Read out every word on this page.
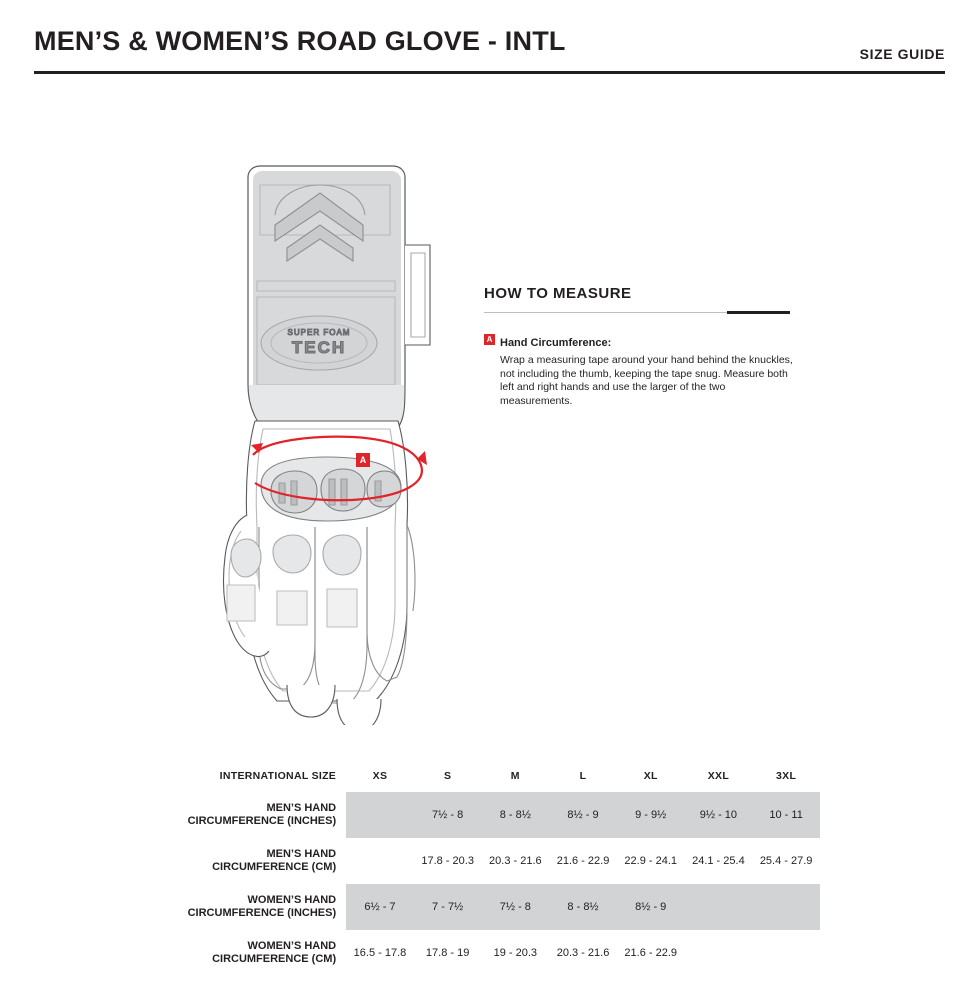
MEN’S & WOMEN’S ROAD GLOVE - INTL	SIZE GUIDE
SUPER FOAM
TECH
A
HOW TO MEASURE
A Hand Circumference:
Wrap a measuring tape around your hand behind the knuckles, not including the thumb, keeping the tape snug. Measure both left and right hands and use the larger of the two measurements.
INTERNATIONAL SIZE	XS	S	M	L	XL	XXL	3XL

MEN’S HAND
CIRCUMFERENCE (INCHES)		7½ - 8	8 - 8½	8½ - 9	9 - 9½	9½ - 10	10 - 11

MEN’S HAND
CIRCUMFERENCE (CM)		17.8 - 20.3	20.3 - 21.6	21.6 - 22.9	22.9 - 24.1	24.1 - 25.4	25.4 - 27.9

WOMEN’S HAND
CIRCUMFERENCE (INCHES)	6½ - 7	7 - 7½	7½ - 8	8 - 8½	8½ - 9		

WOMEN’S HAND
CIRCUMFERENCE (CM)	16.5 - 17.8	17.8 - 19	19 - 20.3	20.3 - 21.6	21.6 - 22.9		
